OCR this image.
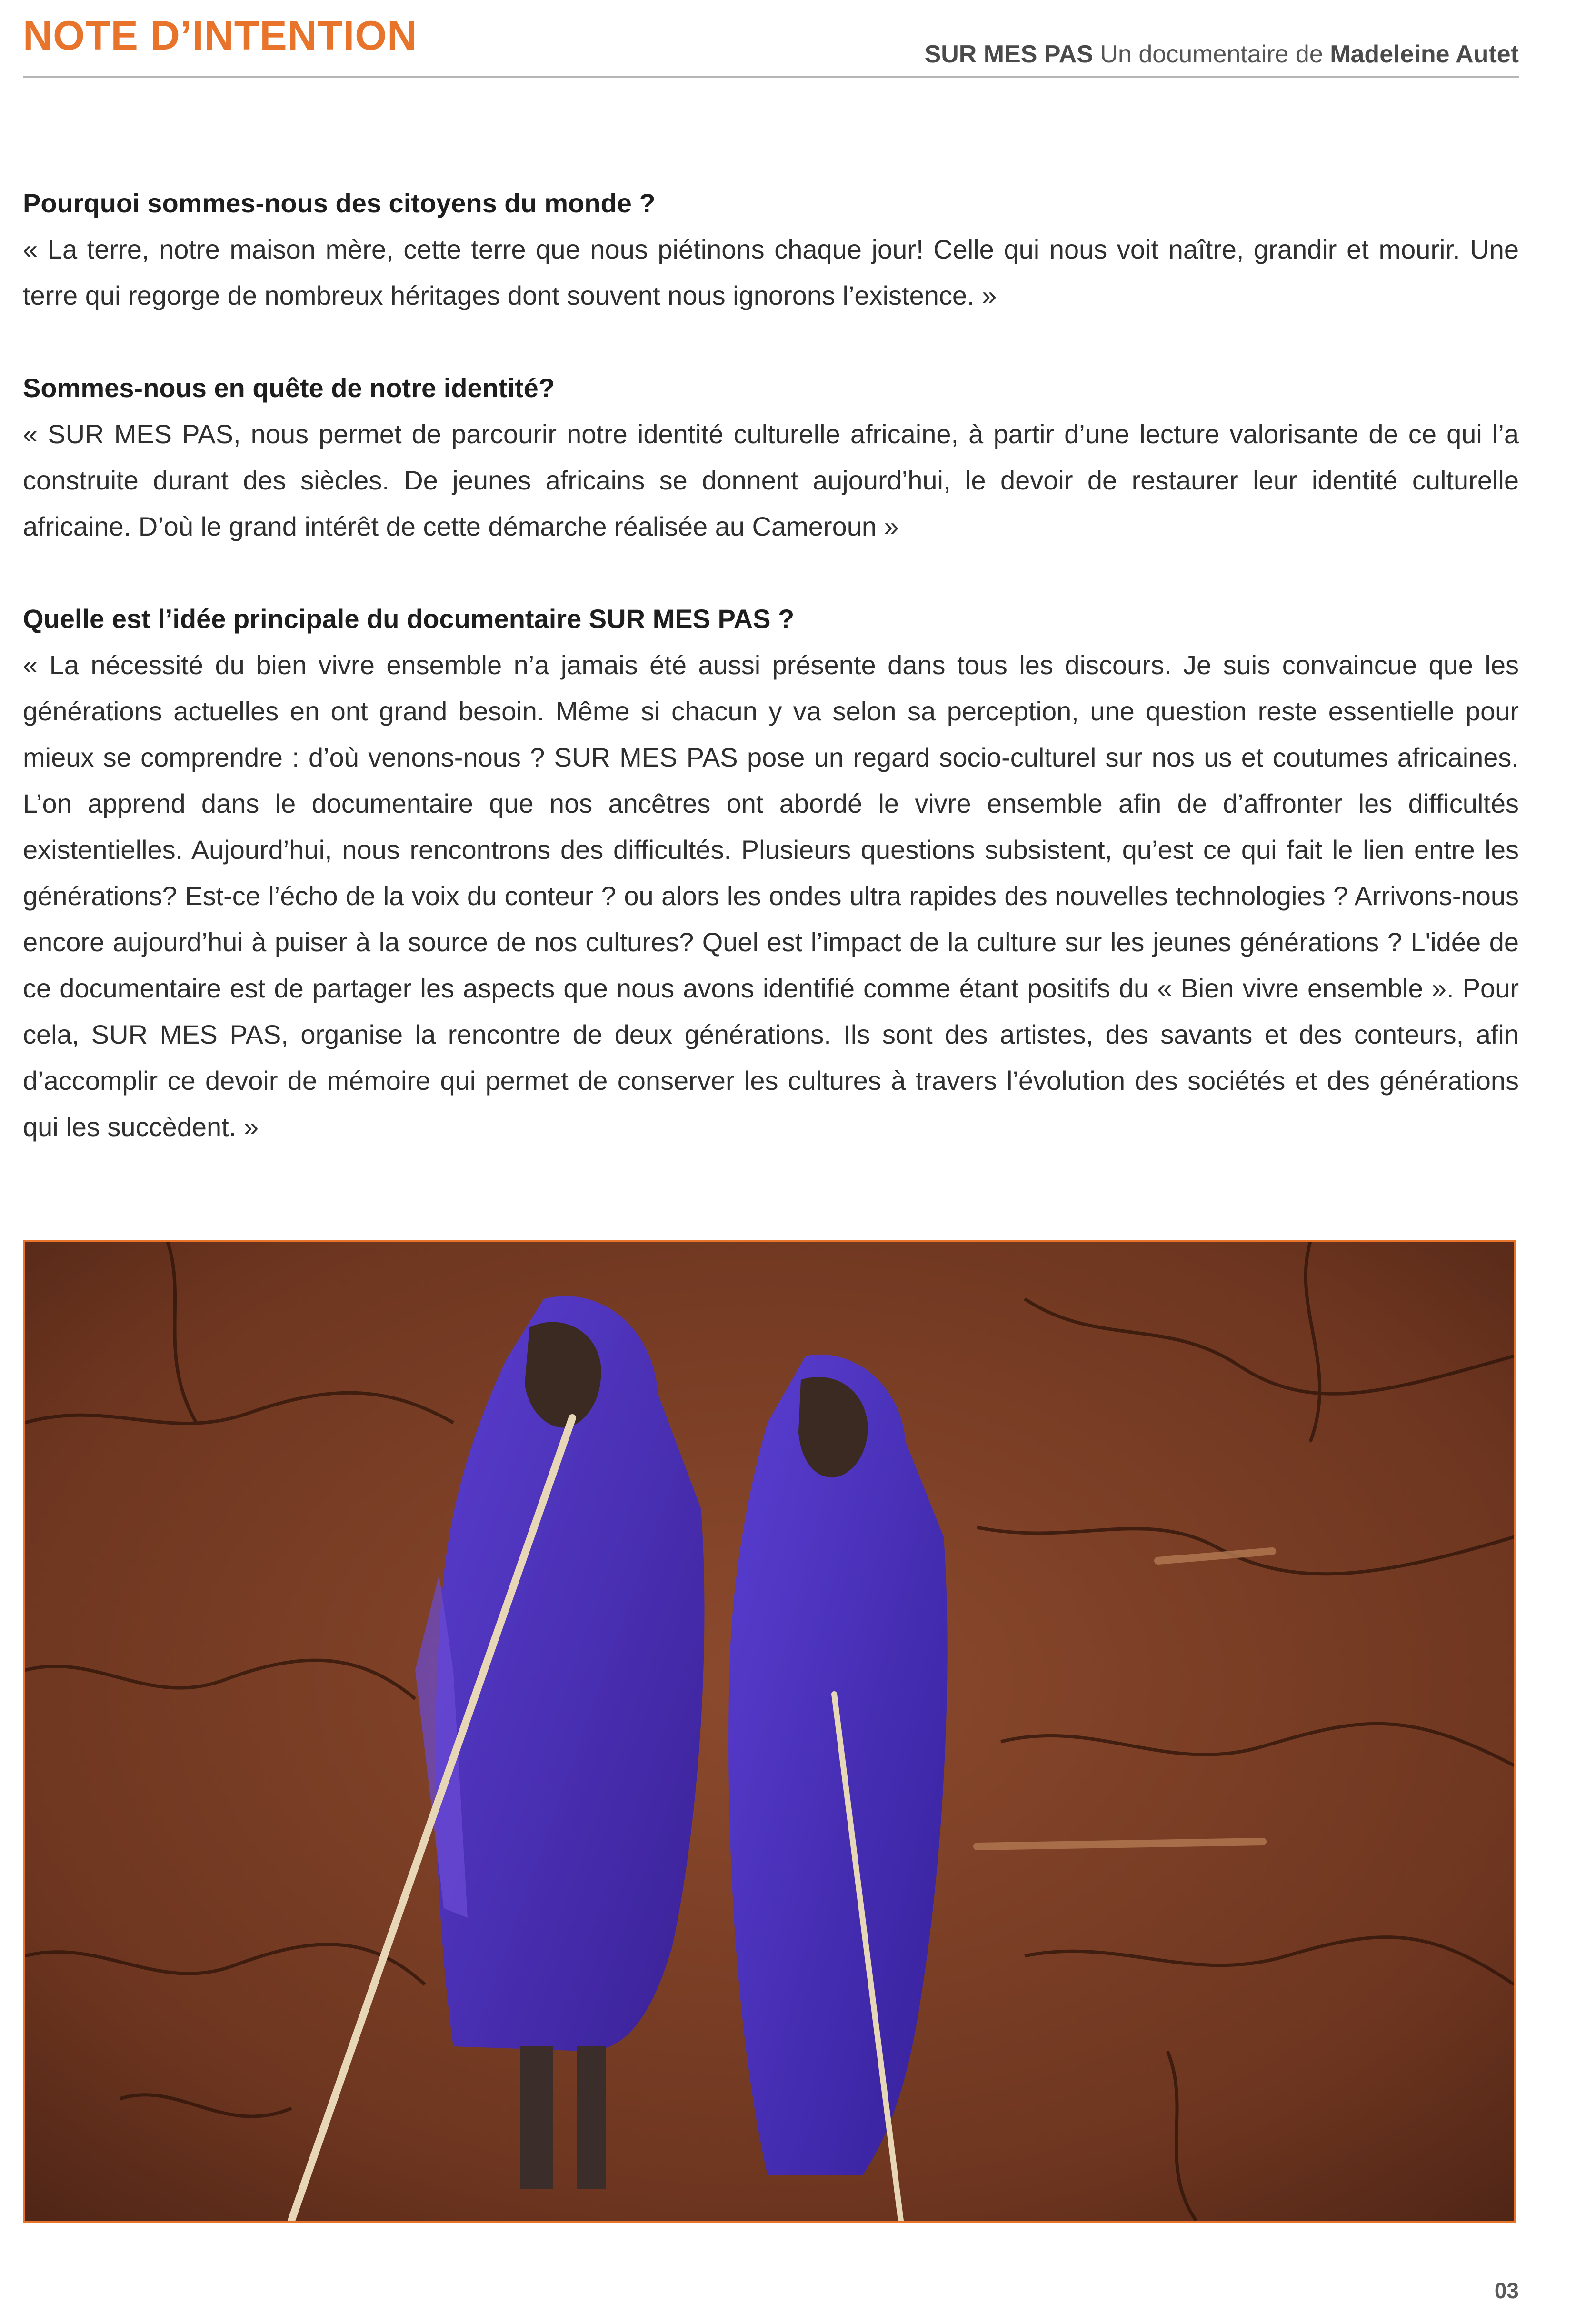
NOTE D’INTENTION	SUR MES PAS Un documentaire de Madeleine Autet

Pourquoi sommes-nous des citoyens du monde ?

« La terre, notre maison mère, cette terre que nous piétinons chaque jour! Celle qui nous voit naître, grandir et mourir. Une terre qui regorge de nombreux héritages dont souvent nous ignorons l’existence. »

Sommes-nous en quête de notre identité?

« SUR MES PAS, nous permet de parcourir notre identité culturelle africaine, à partir d’une lecture valorisante de ce qui l’a construite durant des siècles. De jeunes africains se donnent aujourd’hui, le devoir de restaurer leur identité culturelle africaine. D’où le grand intérêt de cette démarche réalisée au Cameroun »

Quelle est l’idée principale du documentaire SUR MES PAS ?

« La nécessité du bien vivre ensemble n’a jamais été aussi présente dans tous les discours. Je suis convaincue que les générations actuelles en ont grand besoin. Même si chacun y va selon sa perception, une question reste essentielle pour mieux se comprendre : d’où venons-nous ? SUR MES PAS pose un regard socio-culturel sur nos us et coutumes africaines. L’on apprend dans le documentaire que nos ancêtres ont abordé le vivre ensemble afin de d’affronter les difficultés existentielles. Aujourd’hui, nous rencontrons des difficultés. Plusieurs questions subsistent, qu’est ce qui fait le lien entre les générations? Est-ce l’écho de la voix du conteur ? ou alors les ondes ultra rapides des nouvelles technologies ? Arrivons-nous encore aujourd’hui à puiser à la source de nos cultures? Quel est l’impact de la culture sur les jeunes générations ? L'idée de ce documentaire est de partager les aspects que nous avons identifié comme étant positifs du « Bien vivre ensemble ». Pour cela, SUR MES PAS, organise la rencontre de deux générations. Ils sont des artistes, des savants et des conteurs, afin d’accomplir ce devoir de mémoire qui permet de conserver les cultures à travers l’évolution des sociétés et des générations qui les succèdent. »

03
